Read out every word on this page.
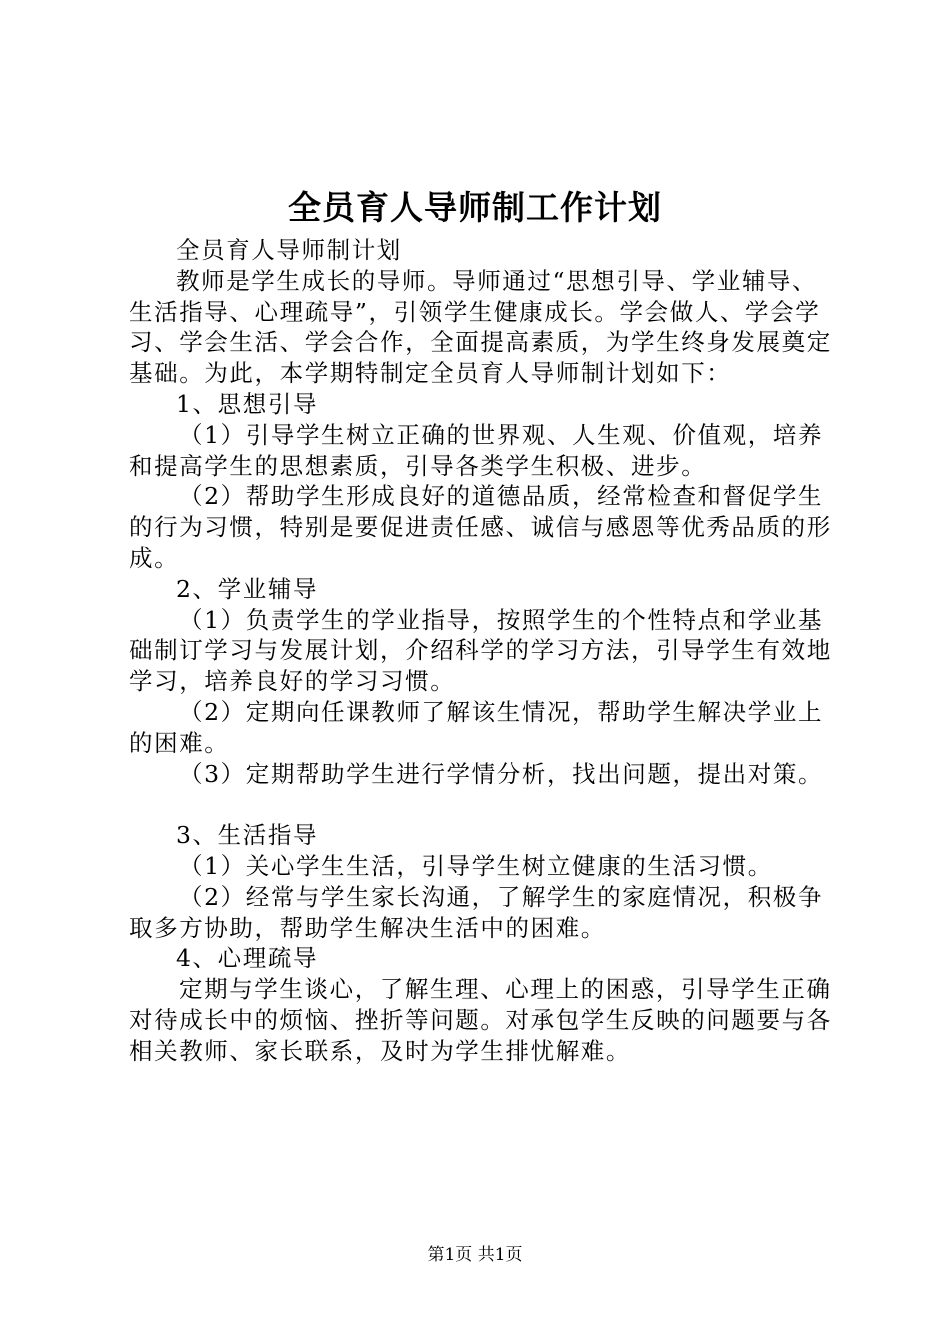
全员育人导师制工作计划

全员育人导师制计划

教师是学生成长的导师。导师通过“思想引导、学业辅导、生活指导、心理疏导”，引领学生健康成长。学会做人、学会学习、学会生活、学会合作，全面提高素质，为学生终身发展奠定基础。为此，本学期特制定全员育人导师制计划如下：

1、思想引导

（1）引导学生树立正确的世界观、人生观、价值观，培养和提高学生的思想素质，引导各类学生积极、进步。

（2）帮助学生形成良好的道德品质，经常检查和督促学生的行为习惯，特别是要促进责任感、诚信与感恩等优秀品质的形成。

2、学业辅导

（1）负责学生的学业指导，按照学生的个性特点和学业基础制订学习与发展计划，介绍科学的学习方法，引导学生有效地学习，培养良好的学习习惯。

（2）定期向任课教师了解该生情况，帮助学生解决学业上的困难。

（3）定期帮助学生进行学情分析，找出问题，提出对策。

3、生活指导

（1）关心学生生活，引导学生树立健康的生活习惯。

（2）经常与学生家长沟通，了解学生的家庭情况，积极争取多方协助，帮助学生解决生活中的困难。

4、心理疏导

定期与学生谈心，了解生理、心理上的困惑，引导学生正确对待成长中的烦恼、挫折等问题。对承包学生反映的问题要与各相关教师、家长联系，及时为学生排忧解难。

第1页 共1页
